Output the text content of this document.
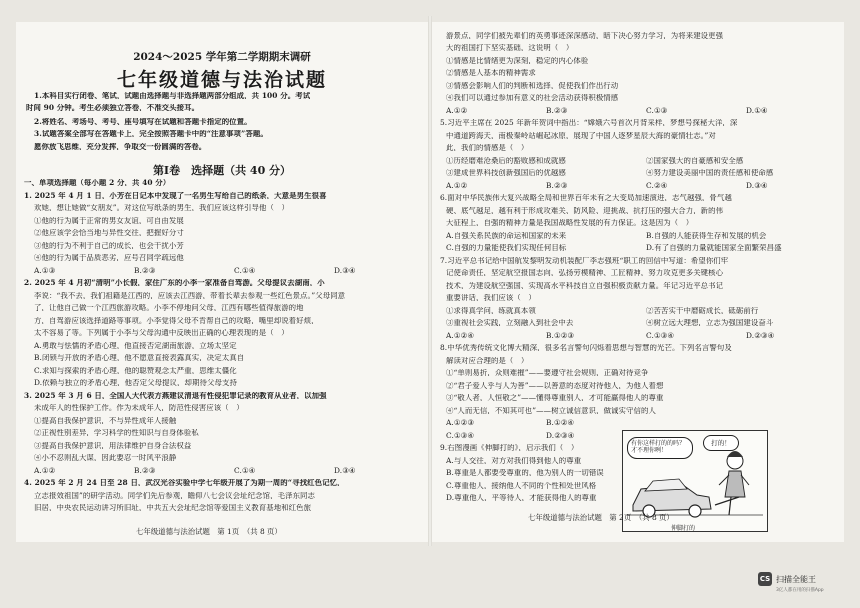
2024～2025 学年第二学期期末调研
七年级道德与法治试题
1.本科目实行闭卷、笔试，试题由选择题与非选择题两部分组成，共 100 分。考试
时间 90 分钟。考生必须独立答卷，不准交头接耳。
2.将姓名、考场号、考号、座号填写在试题和答题卡指定的位置。
3.试题答案全部写在答题卡上，完全按照答题卡中的“注意事项”答题。
愿你放飞思维，充分发挥，争取交一份圆满的答卷。
第Ⅰ卷　选择题（共 40 分）
一、单项选择题（每小题 2 分，共 40 分）
1. 2025 年 4 月 1 日，小芳在日记本中发现了一名男生写给自己的纸条，大意是男生很喜
欢她，想让她做“女朋友”。对这位写纸条的男生，我们应该这样引导他（　）
①他的行为属于正常的男女友谊，可自由发展
②他应该学会恰当地与异性交往，把握好分寸
③他的行为不利于自己的成长，也会干扰小芳
④他的行为属于品质恶劣，应号召同学疏远他
A.①③	B.②③	C.①④	D.③④
2. 2025 年 4 月初“清明”小长假，家住广东的小李一家准备自驾游。父母提议去湖南，小
李说：“我不去，我们祖籍是江西的，应该去江西游，带着长辈去参观一些红色景点。”父母同意
了，让他自己做一个江西旅游攻略。小李不停地问父母，江西有哪些值得旅游的地
方，自驾游应该选择道路等事项。小李觉得父母不肯帮自己的攻略，嘴里却说着好烦，
太不容易了等。下列属于小李与父母沟通中反映出正确的心理表现的是（　）
A.勇敢与怯懦的矛盾心理，他直接否定湖南旅游，立场太坚定
B.闭锁与开放的矛盾心理，他不愿意直接表露真实，决定太真自
C.求知与探索的矛盾心理，他的聪赞观念太严重，思维太僵化
D.依赖与独立的矛盾心理，他否定父母提议，却期待父母支持
3. 2025 年 3 月 6 日，全国人大代表方燕建议清退有性侵犯罪记录的教育从业者，以加强
未成年人的性保护工作。作为未成年人，防范性侵害应该（　）
①提高自我保护意识，不与异性成年人接触
②正视性别差异，学习科学的性知识与自身体验私
③提高自我保护意识，用法律维护自身合法权益
④小不忍则乱大谋，因此要忍一时风平浪静
A.①②	B.②③	C.①④	D.③④
4. 2025 年 2 月 24 日至 28 日，武汉光谷实验中学七年级开展了为期一周的“寻找红色记忆，
立志报效祖国”的研学活动。同学们先后参观，瞻仰八七会议会址纪念馆，毛泽东同志
旧居，中央农民运动讲习所旧址，中共五大会址纪念馆等爱国主义教育基地和红色旅
七年级道德与法治试题　第 1页　（共 8 页）
游景点，同学们被先辈们的英勇事迹深深感动，暗下决心努力学习，为将来建设更强
大的祖国打下坚实基础，这说明（　）
①情感是比情绪更为深刻，稳定的内心体验
②情感是人基本的精神需求
③情感会影响人们的判断和选择，促使我们作出行动
④我们可以通过参加有意义的社会活动获得积极情感
A.①②	B.②③	C.①③	D.①④
5.习近平主席在 2025 年新年贺词中指出：“嫦娥六号首次月背采样，梦想号探秘大洋，深
中通道跨海天，南极秦岭站崛起冰原，展现了中国人逐梦星辰大海的豪情壮志。”对
此，我们的情感是（　）
①历经磨难沧桑后的豁败感和成就感	②国家强大的自豪感和安全感
③建成世界科技创新强国后的优越感	④努力建设美丽中国的责任感和使命感
A.①②	B.②③	C.②④	D.③④
6.面对中华民族伟大复兴战略全局和世界百年未有之大变局加速演进，志气越强，骨气越
硬、底气越足，越有利于形成攻难关、防风险、迎挑战、抗打压的强大合力，新的伟
大征程上，自强的精神力量是我国战略性发展的有力保证。这是因为（　）
A.自强关系民族的命运和国家的未来	B.自强的人能获得生存和发展的机会
C.自强的力量能使我们实现任何目标	D.有了自强的力量就能国家全面繁荣昌盛
7.习近平总书记给中国航发黎明发动机装配厂李志强班“职工的回信中写道：希望你们牢
记使命责任，坚定航空报国志向，弘扬劳模精神、工匠精神，努力攻克更多关键核心
技术，为建设航空强国、实现高水平科技自立自强积极贡献力量。年记习近平总书记
重要讲话，我们应该（　）
①求得真学问，练就真本领	②苦苦实干中磨砺成长，砥砺前行
③重视社会实践，立刻融入到社会中去	④树立远大理想，立志为强国建设奋斗
A.①②④	B.①②③	C.①③④	D.②③④
8.中华优秀传统文化博大精深，很多名言警句闪烁着思想与智慧的光芒。下列名言警句及
解读对应合理的是（　）
①“单则易折，众则难摧”——要遵守社会规则，正确对待竞争
②“君子爱人乎与人为善”——以善意的态度对待他人，为他人着想
③“敬人者，人恒敬之”——懂得尊重别人，才可能赢得他人的尊重
④“人而无信，不知其可也”——树立诚信意识，做诚实守信的人
A.①②③	B.①②④
C.①③④	D.②③④
9.右图漫画《伸脚打的》，启示我们（　）
A.与人交往，对方对我们得到他人的尊重
B.尊重是人都要受尊重的，他为别人的一切错误
C.尊重他人，接纳他人不同的个性和处世风格
D.尊重他人，平等待人，才能获得他人的尊重
有你这样打的的吗？才不理你咧！
打的！
伸脚打的
七年级道德与法治试题　第 2页　（共 8 页）
CS 扫描全能王
3亿人都在用的扫描App
